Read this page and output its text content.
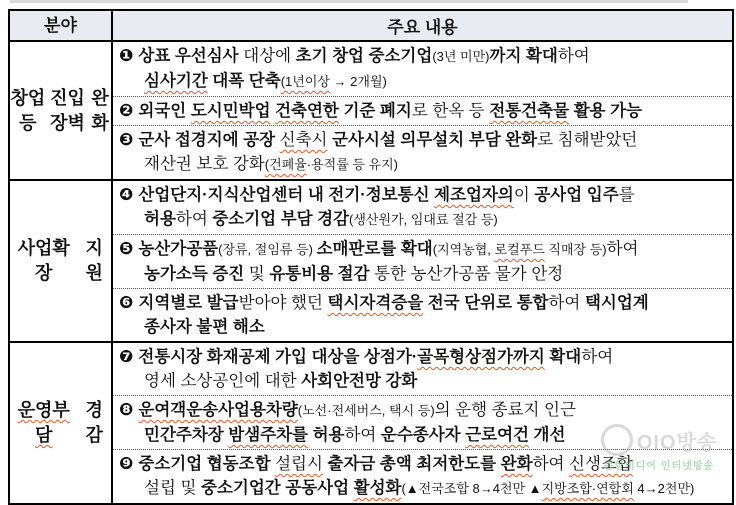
분야	주요 내용
창업 등

진입장벽

완화
❶ 상표 우선심사 대상에 초기 창업 중소기업(3년 미만)까지 확대하여
심사기간 대폭 단축(1년이상 → 2개월)
❷ 외국인 도시민박업 건축연한 기준 폐지로 한옥 등 전통건축물 활용 가능
❸ 군사 접경지에 공장 신축시 군사시설 의무설치 부담 완화로 침해받았던
재산권 보호 강화(건폐율·용적률 등 유지)
사업확장

지원
❹ 산업단지·지식산업센터 내 전기·정보통신 제조업자의이 공사업 입주를
허용하여 중소기업 부담 경감(생산원가, 임대료 절감 등)
❺ 농산가공품(장류, 절임류 등) 소매판로를 확대(지역농협, 로컬푸드 직매장 등)하여
농가소득 증진 및 유통비용 절감 통한 농산가공품 물가 안정
❻ 지역별로 발급받아야 했던 택시자격증을 전국 단위로 통합하여 택시업계
종사자 불편 해소
운영부담

경감
❼ 전통시장 화재공제 가입 대상을 상점가·골목형상점가까지 확대하여
영세 소상공인에 대한 사회안전망 강화
❽ 운여객운송사업용차량(노선·전세버스, 택시 등)의 운행 종료지 인근
민간주차장 밤샘주차를 허용하여 운수종사자 근로여건 개선
❾ 중소기업 협동조합 설립시 출자금 총액 최저한도를 완화하여 신생조합
설립 및 중소기업간 공동사업 활성화(▲전국조합 8→4천만 ▲지방조합·연합회 4→2천만)
OIO방송
종합미디어 인터넷방송
